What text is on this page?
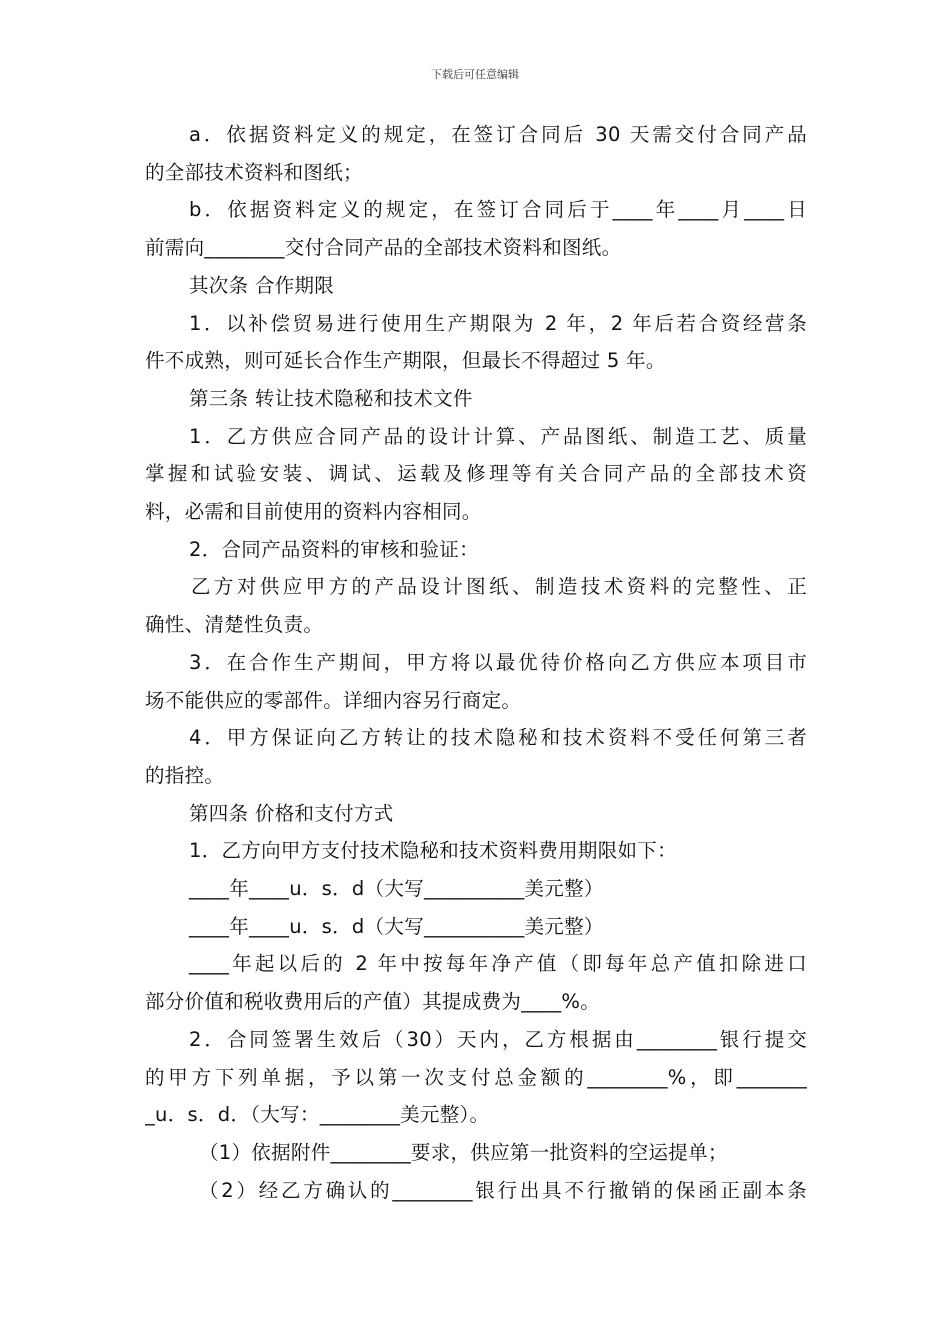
下载后可任意编辑

a．依据资料定义的规定，在签订合同后 30 天需交付合同产品

的全部技术资料和图纸；

b．依据资料定义的规定，在签订合同后于____年____月____日

前需向________交付合同产品的全部技术资料和图纸。

其次条 合作期限

1．以补偿贸易进行使用生产期限为 2 年，2 年后若合资经营条

件不成熟，则可延长合作生产期限，但最长不得超过 5 年。

第三条 转让技术隐秘和技术文件

1．乙方供应合同产品的设计计算、产品图纸、制造工艺、质量

掌握和试验安装、调试、运载及修理等有关合同产品的全部技术资

料，必需和目前使用的资料内容相同。

2．合同产品资料的审核和验证：

乙方对供应甲方的产品设计图纸、制造技术资料的完整性、正

确性、清楚性负责。

3．在合作生产期间，甲方将以最优待价格向乙方供应本项目市

场不能供应的零部件。详细内容另行商定。

4．甲方保证向乙方转让的技术隐秘和技术资料不受任何第三者

的指控。

第四条 价格和支付方式

1．乙方向甲方支付技术隐秘和技术资料费用期限如下：

____年____u．s．d（大写__________美元整）

____年____u．s．d（大写__________美元整）

____年起以后的 2 年中按每年净产值（即每年总产值扣除进口

部分价值和税收费用后的产值）其提成费为____%。

2．合同签署生效后（30）天内，乙方根据由________银行提交

的甲方下列单据，予以第一次支付总金额的________%，即_______

_u．s．d．（大写：________美元整）。

（1）依据附件________要求，供应第一批资料的空运提单；

（2）经乙方确认的________银行出具不行撤销的保函正副本条
